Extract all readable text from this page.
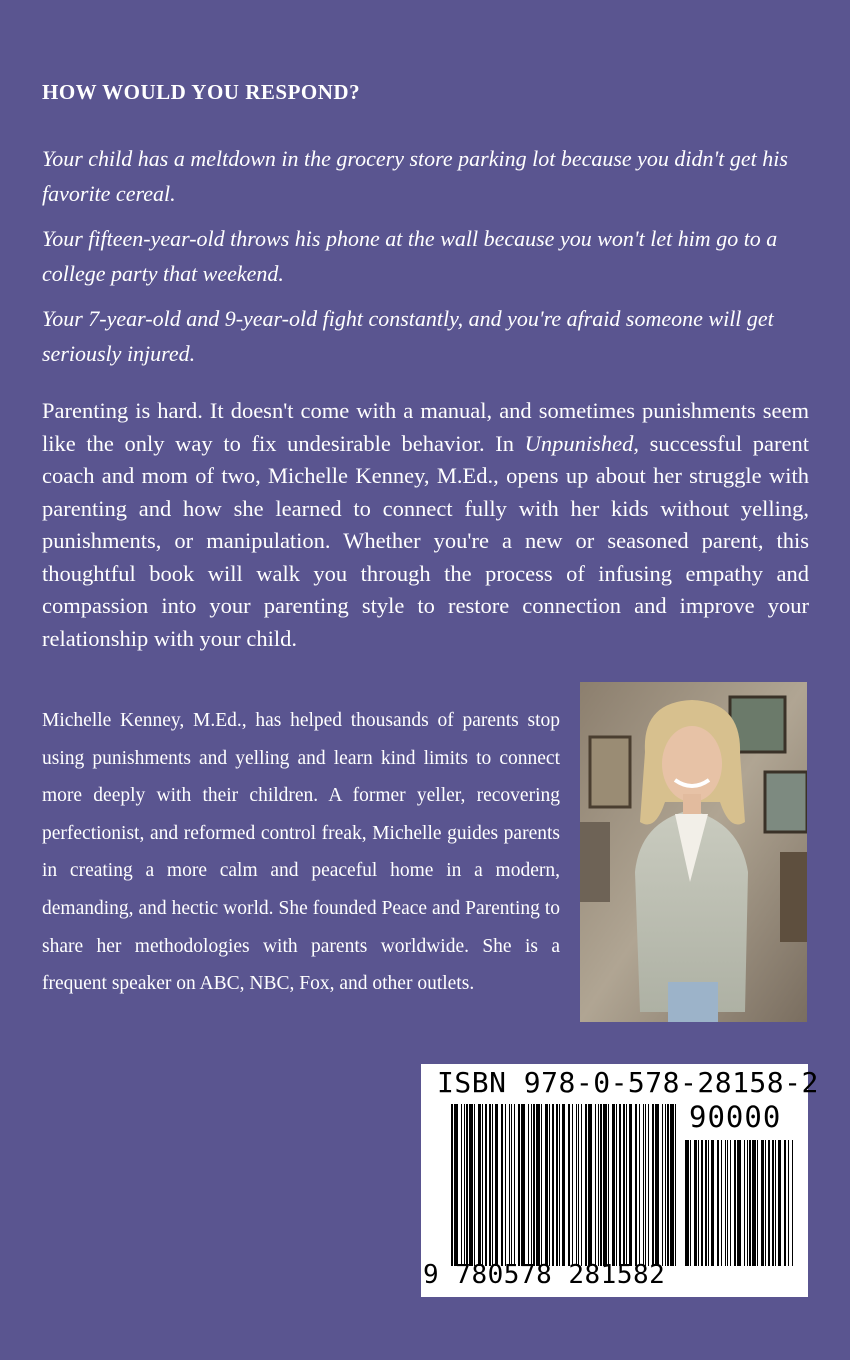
HOW WOULD YOU RESPOND?

Your child has a meltdown in the grocery store parking lot because you didn't get his favorite cereal.

Your fifteen-year-old throws his phone at the wall because you won't let him go to a college party that weekend.

Your 7-year-old and 9-year-old fight constantly, and you're afraid someone will get seriously injured.

Parenting is hard. It doesn't come with a manual, and sometimes punishments seem like the only way to fix undesirable behavior. In Unpunished, successful parent coach and mom of two, Michelle Kenney, M.Ed., opens up about her struggle with parenting and how she learned to connect fully with her kids without yelling, punishments, or manipulation. Whether you're a new or seasoned parent, this thoughtful book will walk you through the process of infusing empathy and compassion into your parenting style to restore connection and improve your relationship with your child.

Michelle Kenney, M.Ed., has helped thousands of parents stop using punishments and yelling and learn kind limits to connect more deeply with their children. A former yeller, recovering perfectionist, and reformed control freak, Michelle guides parents in creating a more calm and peaceful home in a modern, demanding, and hectic world. She founded Peace and Parenting to share her methodologies with parents worldwide. She is a frequent speaker on ABC, NBC, Fox, and other outlets.

ISBN 978-0-578-28158-2
90000
9 780578 281582
